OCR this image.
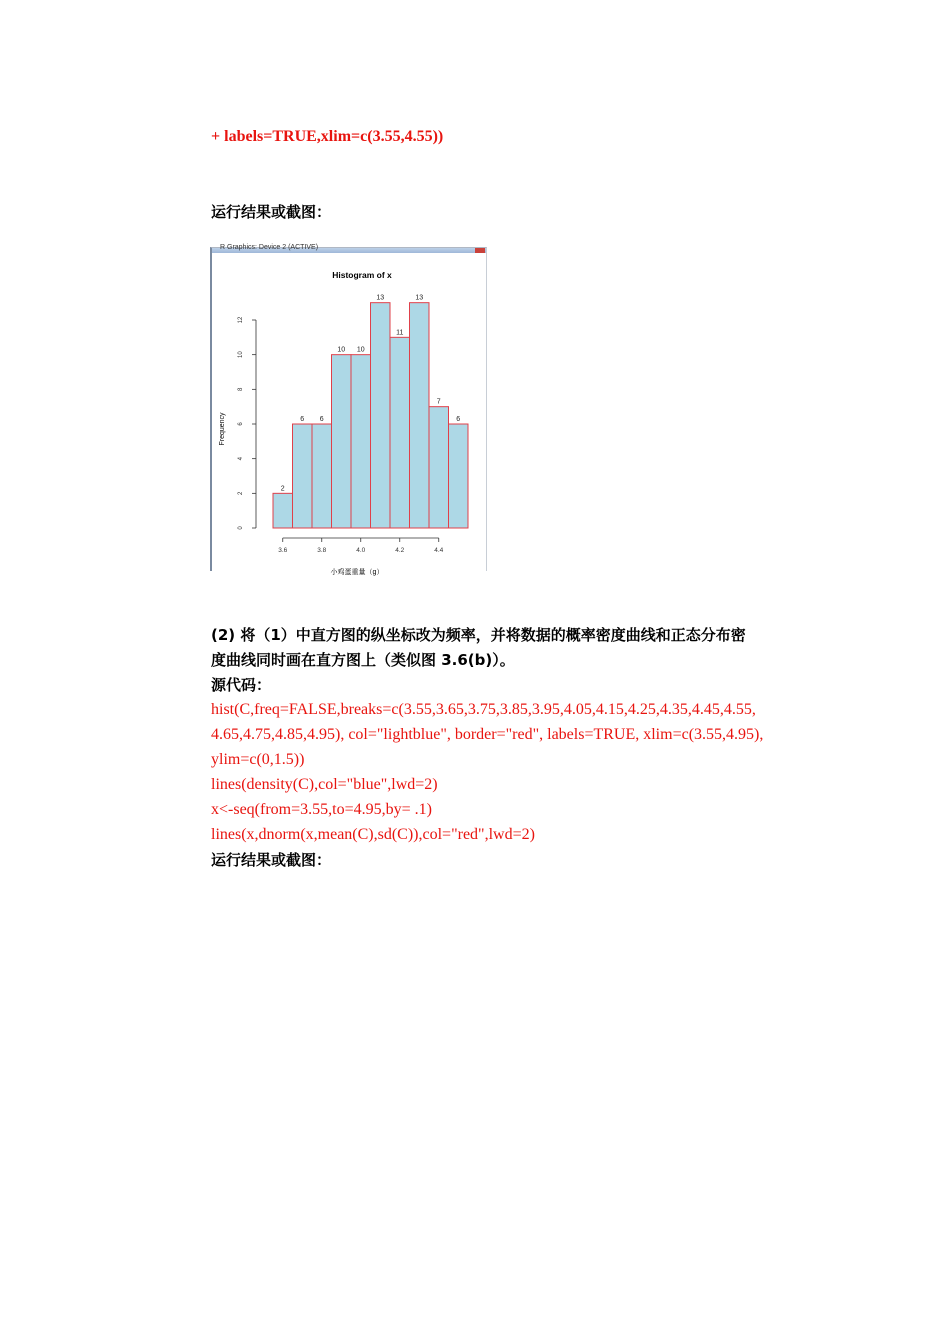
+ labels=TRUE,xlim=c(3.55,4.55))
运行结果或截图：
R Graphics: Device 2 (ACTIVE)
Histogram of x
Frequency
小鸡蛋重量（g）
2
6 6
10 10
13
11
13
7
6
0
2
4
6
8
10
12
3.6	3.8	4.0	4.2	4.4
(2) 将（1）中直方图的纵坐标改为频率，并将数据的概率密度曲线和正态分布密
度曲线同时画在直方图上（类似图 3.6(b)）。
源代码：
hist(C,freq=FALSE,breaks=c(3.55,3.65,3.75,3.85,3.95,4.05,4.15,4.25,4.35,4.45,4.55,
4.65,4.75,4.85,4.95), col="lightblue", border="red", labels=TRUE, xlim=c(3.55,4.95),
ylim=c(0,1.5))
lines(density(C),col="blue",lwd=2)
x<-seq(from=3.55,to=4.95,by= .1)
lines(x,dnorm(x,mean(C),sd(C)),col="red",lwd=2)
运行结果或截图：
